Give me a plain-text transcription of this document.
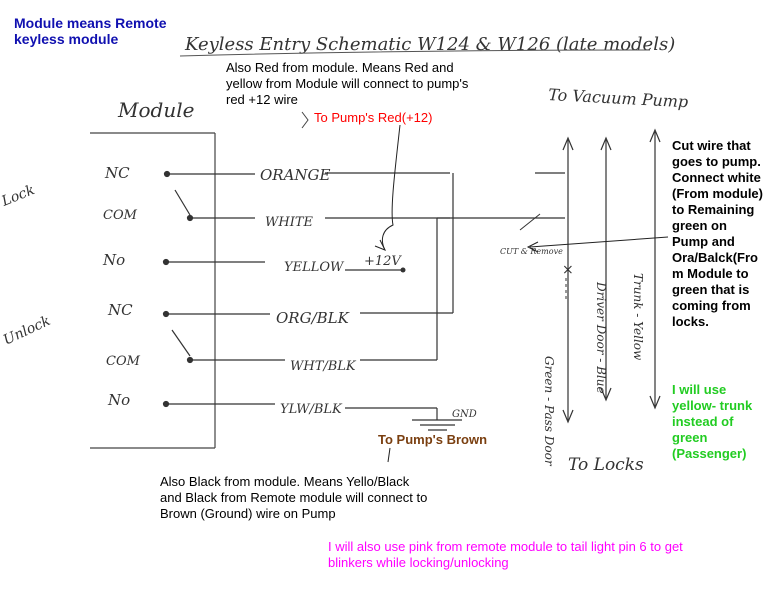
Keyless Entry Schematic W124 & W126 (late models)
Module
Lock
Unlock
NC
COM
No
NC
COM
No
ORANGE
WHITE
YELLOW
ORG/BLK
WHT/BLK
YLW/BLK
+12V
GND
To Vacuum Pump
×
CUT & Remove
Green - Pass Door
Driver Door - Blue Trunk - Yellow
To Locks
Module means Remote keyless module
Also Red from module. Means Red and yellow from Module will connect to pump's red +12 wire
To Pump's Red(+12)
To Pump's Brown
Also Black from module. Means Yello/Black and Black from Remote module will connect to Brown (Ground) wire on Pump
Cut wire that goes to pump. Connect white (From module) to Remaining green on Pump and Ora/Balck(From Module to green that is coming from locks.
I will use yellow- trunk instead of green (Passenger)
I will also use pink from remote module to tail light pin 6 to get blinkers while locking/unlocking
